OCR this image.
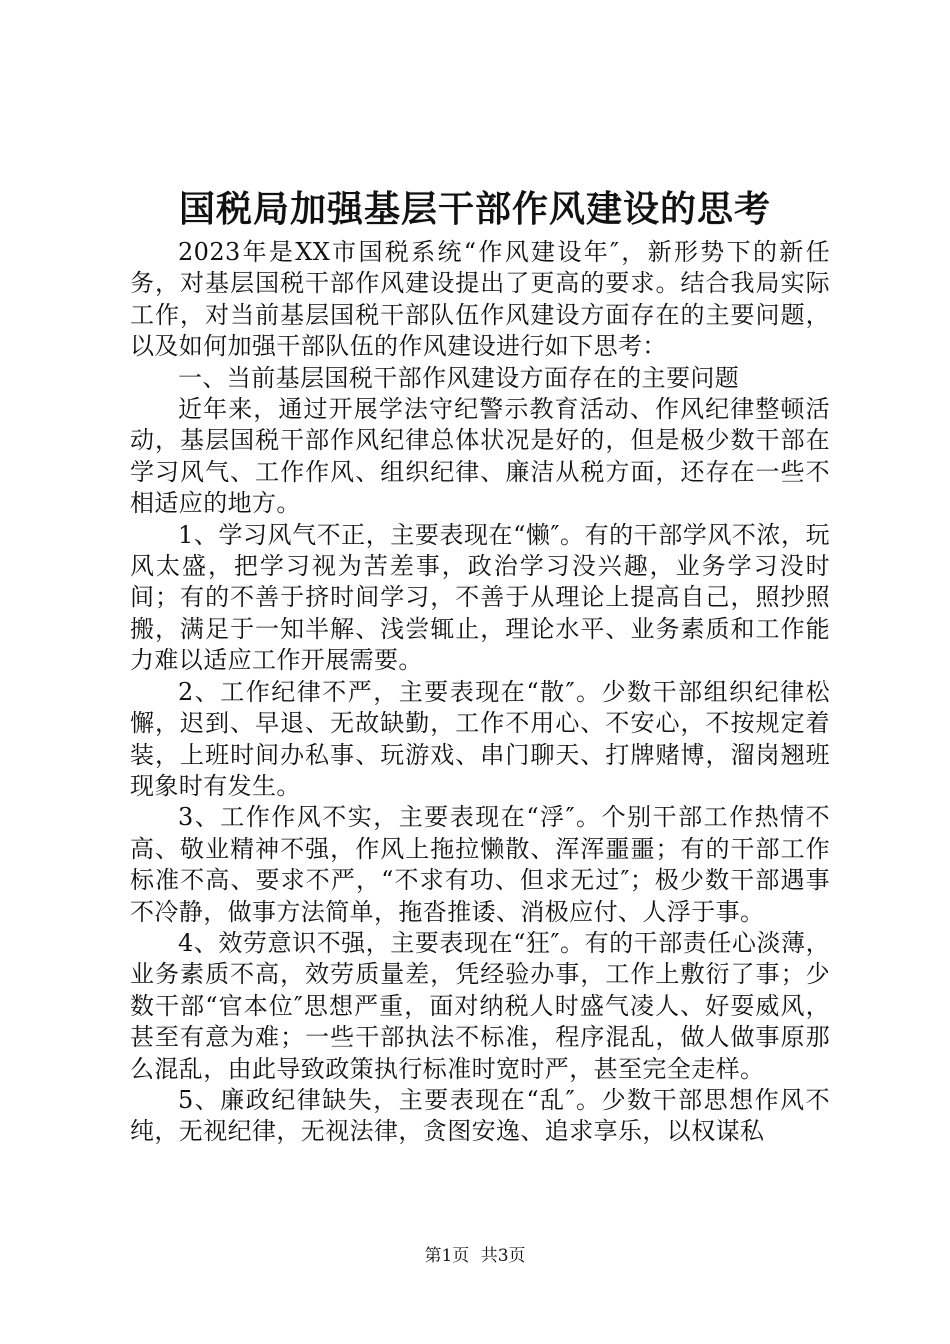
国税局加强基层干部作风建设的思考

2023年是XX市国税系统“作风建设年″，新形势下的新任务，对基层国税干部作风建设提出了更高的要求。结合我局实际工作，对当前基层国税干部队伍作风建设方面存在的主要问题，以及如何加强干部队伍的作风建设进行如下思考：

一、当前基层国税干部作风建设方面存在的主要问题

近年来，通过开展学法守纪警示教育活动、作风纪律整顿活动，基层国税干部作风纪律总体状况是好的，但是极少数干部在学习风气、工作作风、组织纪律、廉洁从税方面，还存在一些不相适应的地方。

1、学习风气不正，主要表现在“懒″。有的干部学风不浓，玩风太盛，把学习视为苦差事，政治学习没兴趣，业务学习没时间；有的不善于挤时间学习，不善于从理论上提高自己，照抄照搬，满足于一知半解、浅尝辄止，理论水平、业务素质和工作能力难以适应工作开展需要。

2、工作纪律不严，主要表现在“散″。少数干部组织纪律松懈，迟到、早退、无故缺勤，工作不用心、不安心，不按规定着装，上班时间办私事、玩游戏、串门聊天、打牌赌博，溜岗翘班现象时有发生。

3、工作作风不实，主要表现在“浮″。个别干部工作热情不高、敬业精神不强，作风上拖拉懒散、浑浑噩噩；有的干部工作标准不高、要求不严，“不求有功、但求无过″；极少数干部遇事不冷静，做事方法简单，拖沓推诿、消极应付、人浮于事。

4、效劳意识不强，主要表现在“狂″。有的干部责任心淡薄，业务素质不高，效劳质量差，凭经验办事，工作上敷衍了事；少数干部“官本位″思想严重，面对纳税人时盛气凌人、好耍威风，甚至有意为难；一些干部执法不标准，程序混乱，做人做事原那么混乱，由此导致政策执行标准时宽时严，甚至完全走样。

5、廉政纪律缺失，主要表现在“乱″。少数干部思想作风不纯，无视纪律，无视法律，贪图安逸、追求享乐，以权谋私

第1页 共3页
